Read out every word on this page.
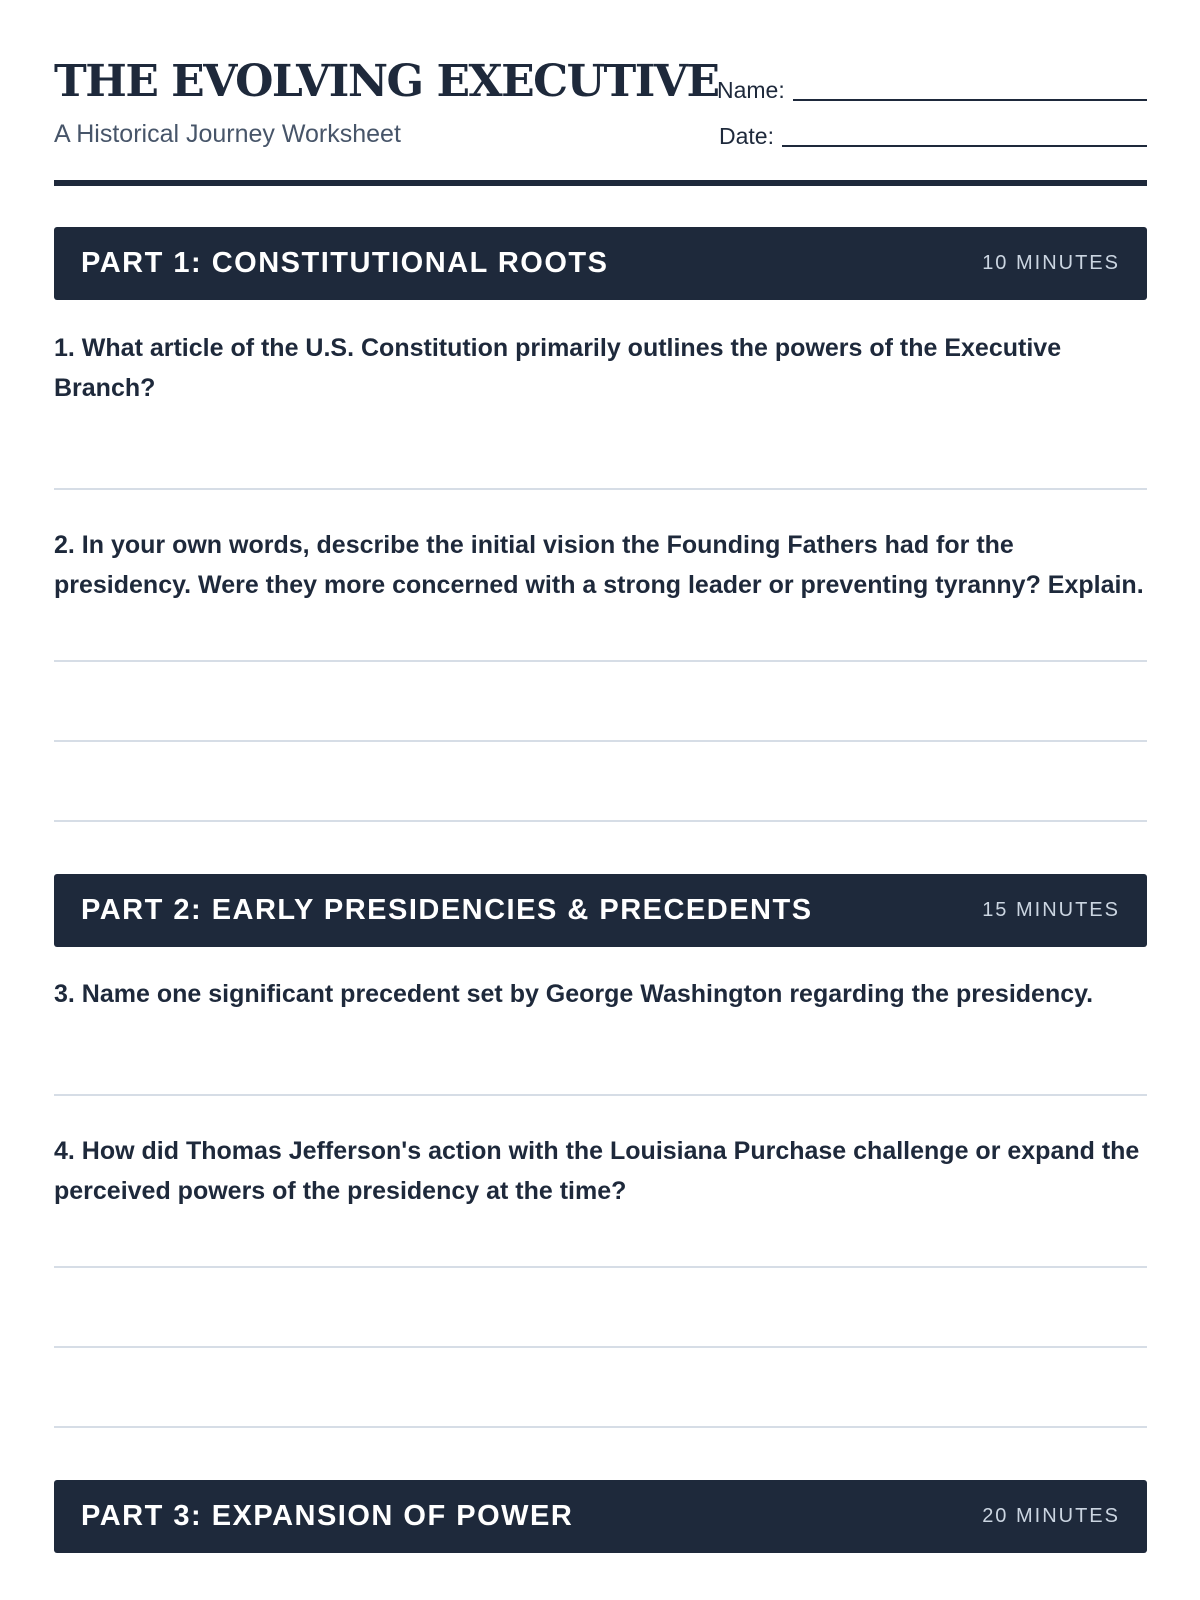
THE EVOLVING EXECUTIVE
A Historical Journey Worksheet
Name:
Date:
PART 1: CONSTITUTIONAL ROOTS	10 MINUTES

1. What article of the U.S. Constitution primarily outlines the powers of the Executive Branch?

2. In your own words, describe the initial vision the Founding Fathers had for the presidency. Were they more concerned with a strong leader or preventing tyranny? Explain.

PART 2: EARLY PRESIDENCIES & PRECEDENTS	15 MINUTES

3. Name one significant precedent set by George Washington regarding the presidency.

4. How did Thomas Jefferson's action with the Louisiana Purchase challenge or expand the perceived powers of the presidency at the time?

PART 3: EXPANSION OF POWER	20 MINUTES
